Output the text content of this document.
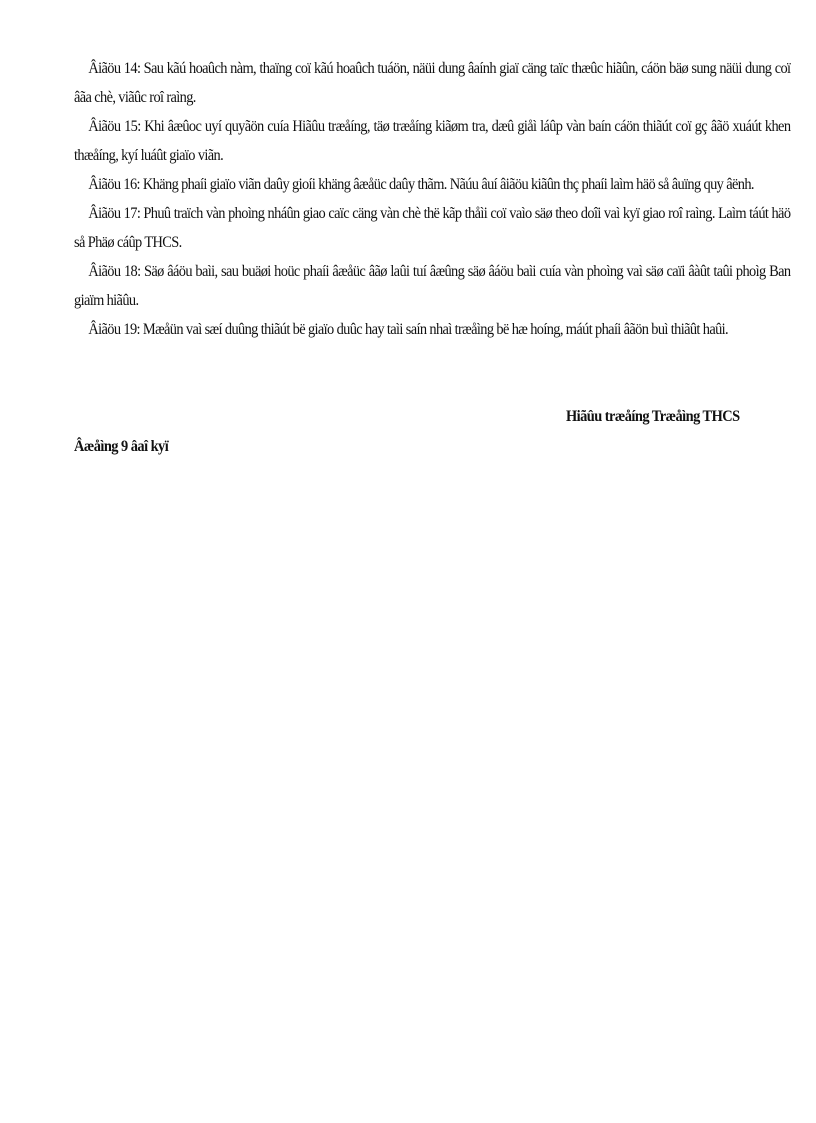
Âiãöu 14: Sau kãú hoaûch nàm, thaïng coï kãú hoaûch tuáön, näüi dung âaính giaï cäng taïc thæûc hiãûn, cáön bäø sung näüi dung coï âãa chè, viãûc roî raìng.

Âiãöu 15: Khi âæûoc uyí quyãön cuía Hiãûu træåíng, täø træåíng kiãøm tra, dæû giåì láûp vàn baín cáön thiãút coï gç âãö xuáút khen thæåíng, kyí luáût giaïo viãn.

Âiãöu 16: Khäng phaíi giaïo viãn daûy gioíi khäng âæåüc daûy thãm. Nãúu âuí âiãöu kiãûn thç phaíi laìm häö så âuïng quy âënh.

Âiãöu 17: Phuû traïch vàn phoìng nháûn giao caïc cäng vàn chè thë kãp thåìi coï vaìo säø theo doîi vaì kyï giao roî raìng. Laìm táút häö så Phäø cáûp THCS.

Âiãöu 18: Säø âáöu baìi, sau buäøi hoüc phaíi âæåüc âãø laûi tuí âæûng säø âáöu baìi cuía vàn phoìng vaì säø caïi âàût taûi phoìg Ban giaïm hiãûu.

Âiãöu 19: Mæåün vaì sæí duûng thiãút bë giaïo duûc hay taìi saín nhaì træåìng bë hæ hoíng, máút phaíi âãön buì thiãût haûi.

Hiãûu træåíng Træåìng THCS
Âæåìng 9 âaî kyï
